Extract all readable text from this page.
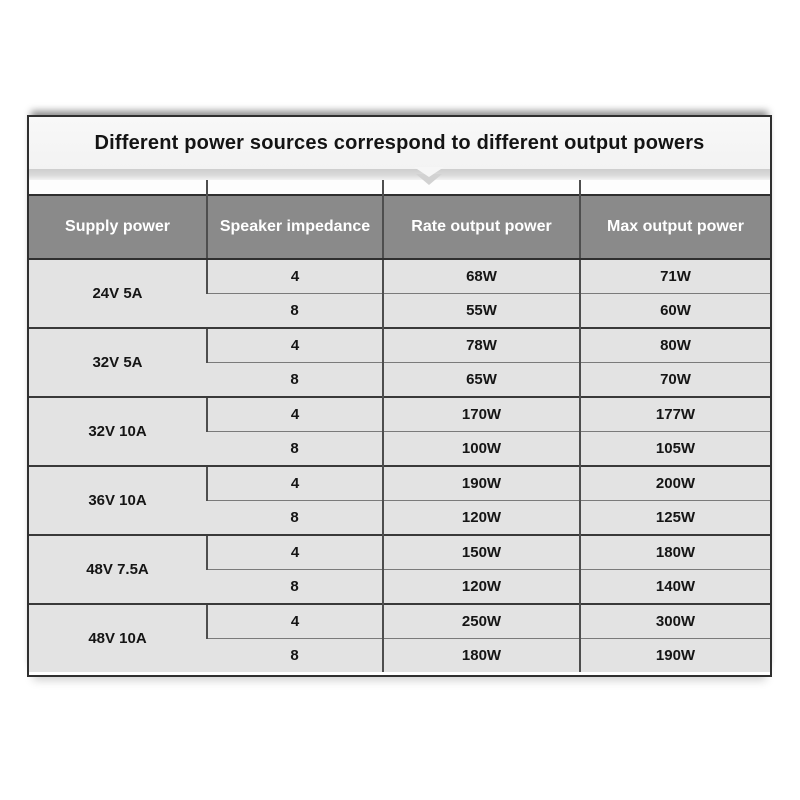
Different power sources correspond to different output powers

Supply power	Speaker impedance	Rate output power	Max output power
24V 5A	4	68W	71W
	8	55W	60W
32V 5A	4	78W	80W
	8	65W	70W
32V 10A	4	170W	177W
	8	100W	105W
36V 10A	4	190W	200W
	8	120W	125W
48V 7.5A	4	150W	180W
	8	120W	140W
48V 10A	4	250W	300W
	8	180W	190W
